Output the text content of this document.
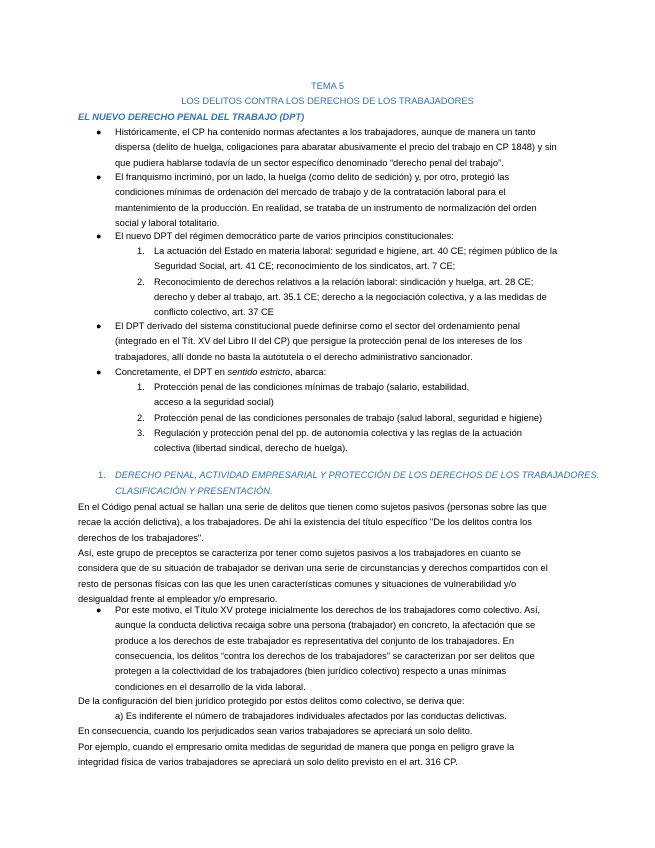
TEMA 5
LOS DELITOS CONTRA LOS DERECHOS DE LOS TRABAJADORES
EL NUEVO DERECHO PENAL DEL TRABAJO (DPT)
● Históricamente, el CP ha contenido normas afectantes a los trabajadores, aunque de manera un tanto
dispersa (delito de huelga, coligaciones para abaratar abusivamente el precio del trabajo en CP 1848) y sin
que pudiera hablarse todavía de un sector específico denominado “derecho penal del trabajo”.
● El franquismo incriminó, por un lado, la huelga (como delito de sedición) y, por otro, protegió las
condiciones mínimas de ordenación del mercado de trabajo y de la contratación laboral para el
mantenimiento de la producción. En realidad, se trataba de un instrumento de normalización del orden
social y laboral totalitario.
● El nuevo DPT del régimen democrático parte de varios principios constitucionales:
1. La actuación del Estado en materia laboral: seguridad e higiene, art. 40 CE; régimen público de la
Seguridad Social, art. 41 CE; reconocimiento de los sindicatos, art. 7 CE;
2. Reconocimiento de derechos relativos a la relación laboral: sindicación y huelga, art. 28 CE;
derecho y deber al trabajo, art. 35.1 CE; derecho a la negociación colectiva, y a las medidas de
conflicto colectivo, art. 37 CE
● El DPT derivado del sistema constitucional puede definirse como el sector del ordenamiento penal
(integrado en el Tít. XV del Libro II del CP) que persigue la protección penal de los intereses de los
trabajadores, allí donde no basta la autotutela o el derecho administrativo sancionador.
● Concretamente, el DPT en sentido estricto, abarca:
1. Protección penal de las condiciones mínimas de trabajo (salario, estabilidad,
acceso a la seguridad social)
2. Protección penal de las condiciones personales de trabajo (salud laboral, seguridad e higiene)
3. Regulación y protección penal del pp. de autonomía colectiva y las reglas de la actuación
colectiva (libertad sindical, derecho de huelga).
1. DERECHO PENAL, ACTIVIDAD EMPRESARIAL Y PROTECCIÓN DE LOS DERECHOS DE LOS TRABAJADORES.
CLASIFICACIÓN Y PRESENTACIÓN.
En el Código penal actual se hallan una serie de delitos que tienen como sujetos pasivos (personas sobre las que
recae la acción delictiva), a los trabajadores. De ahí la existencia del título específico "De los delitos contra los
derechos de los trabajadores".
Así, este grupo de preceptos se caracteriza por tener como sujetos pasivos a los trabajadores en cuanto se
considera que de su situación de trabajador se derivan una serie de circunstancias y derechos compartidos con el
resto de personas físicas con las que les unen características comunes y situaciones de vulnerabilidad y/o
desigualdad frente al empleador y/o empresario.
● Por este motivo, el Título XV protege inicialmente los derechos de los trabajadores como colectivo. Así,
aunque la conducta delictiva recaiga sobre una persona (trabajador) en concreto, la afectación que se
produce a los derechos de este trabajador es representativa del conjunto de los trabajadores. En
consecuencia, los delitos “contra los derechos de los trabajadores” se caracterizan por ser delitos que
protegen a la colectividad de los trabajadores (bien jurídico colectivo) respecto a unas mínimas
condiciones en el desarrollo de la vida laboral.
De la configuración del bien jurídico protegido por estos delitos como colectivo, se deriva que:
a) Es indiferente el número de trabajadores individuales afectados por las conductas delictivas.
En consecuencia, cuando los perjudicados sean varios trabajadores se apreciará un solo delito.
Por ejemplo, cuando el empresario omita medidas de seguridad de manera que ponga en peligro grave la
integridad física de varios trabajadores se apreciará un solo delito previsto en el art. 316 CP.
